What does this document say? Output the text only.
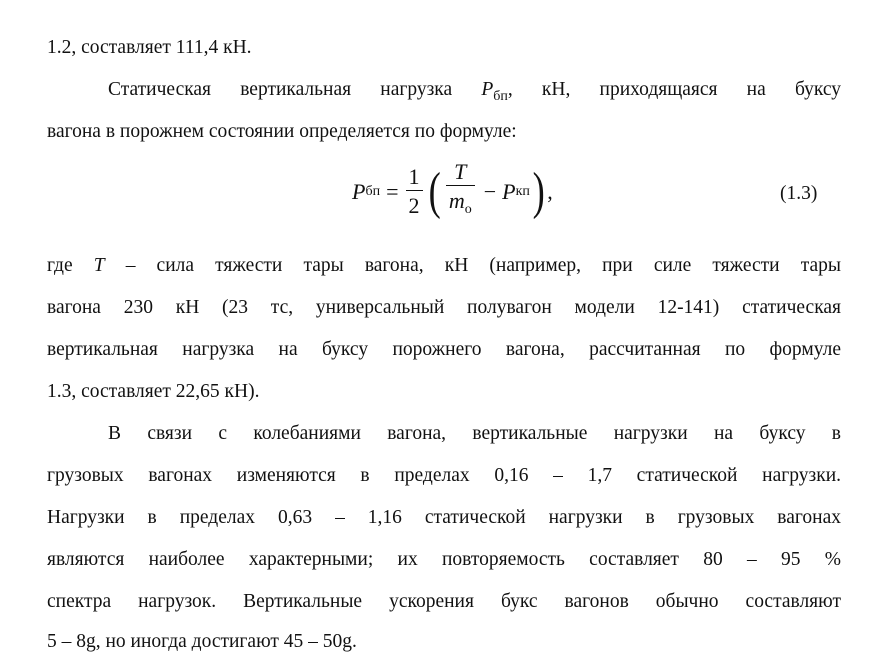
1.2, составляет 111,4 кН.
Статическая вертикальная нагрузка $P_{бп}$, кН, приходящаяся на буксу
вагона в порожнем состоянии определяется по формуле:
P бп = $\frac{1}{2}$ ( $\frac{T}{m_о} - P$ кп ) ,	(1.3)
где T – сила тяжести тары вагона, кН (например, при силе тяжести тары
вагона 230 кН (23 тс, универсальный полувагон модели 12-141) статическая
вертикальная нагрузка на буксу порожнего вагона, рассчитанная по формуле
1.3, составляет 22,65 кН).
В связи с колебаниями вагона, вертикальные нагрузки на буксу в
грузовых вагонах изменяются в пределах 0,16 – 1,7 статической нагрузки.
Нагрузки в пределах 0,63 – 1,16 статической нагрузки в грузовых вагонах
являются наиболее характерными; их повторяемость составляет 80 – 95 %
спектра нагрузок. Вертикальные ускорения букс вагонов обычно составляют
5 – 8g, но иногда достигают 45 – 50g.
